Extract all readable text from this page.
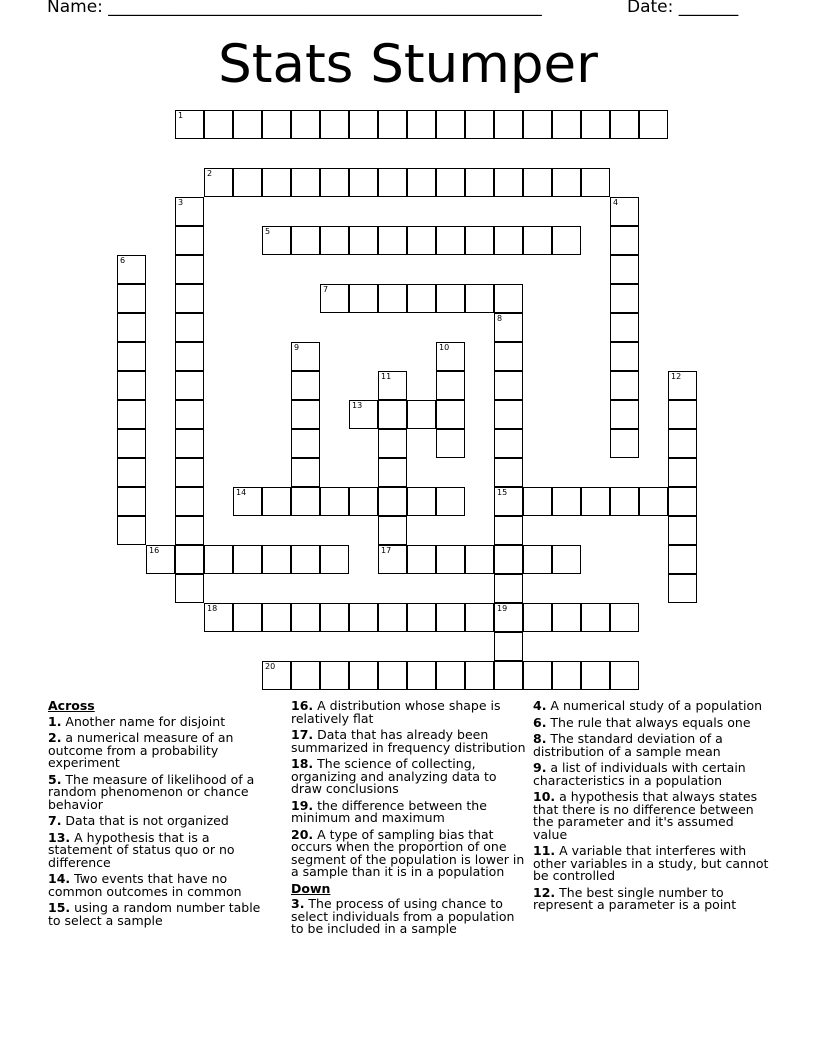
Name: ___________________________________________________	Date: _______
Stats Stumper
1
2
3	4
5
6
7
8
15
19
9	10
11	12
13
14
16	17
18
20
Across
1. Another name for disjoint
2. a numerical measure of an outcome from a probability experiment
5. The measure of likelihood of a random phenomenon or chance behavior
7. Data that is not organized
13. A hypothesis that is a statement of status quo or no difference
14. Two events that have no common outcomes in common
15. using a random number table to select a sample
16. A distribution whose shape is relatively flat
17. Data that has already been summarized in frequency distribution
18. The science of collecting, organizing and analyzing data to draw conclusions
19. the difference between the minimum and maximum
20. A type of sampling bias that occurs when the proportion of one segment of the population is lower in a sample than it is in a population
Down
3. The process of using chance to select individuals from a population to be included in a sample
4. A numerical study of a population
6. The rule that always equals one
8. The standard deviation of a distribution of a sample mean
9. a list of individuals with certain characteristics in a population
10. a hypothesis that always states that there is no difference between the parameter and it's assumed value
11. A variable that interferes with other variables in a study, but cannot be controlled
12. The best single number to represent a parameter is a point
